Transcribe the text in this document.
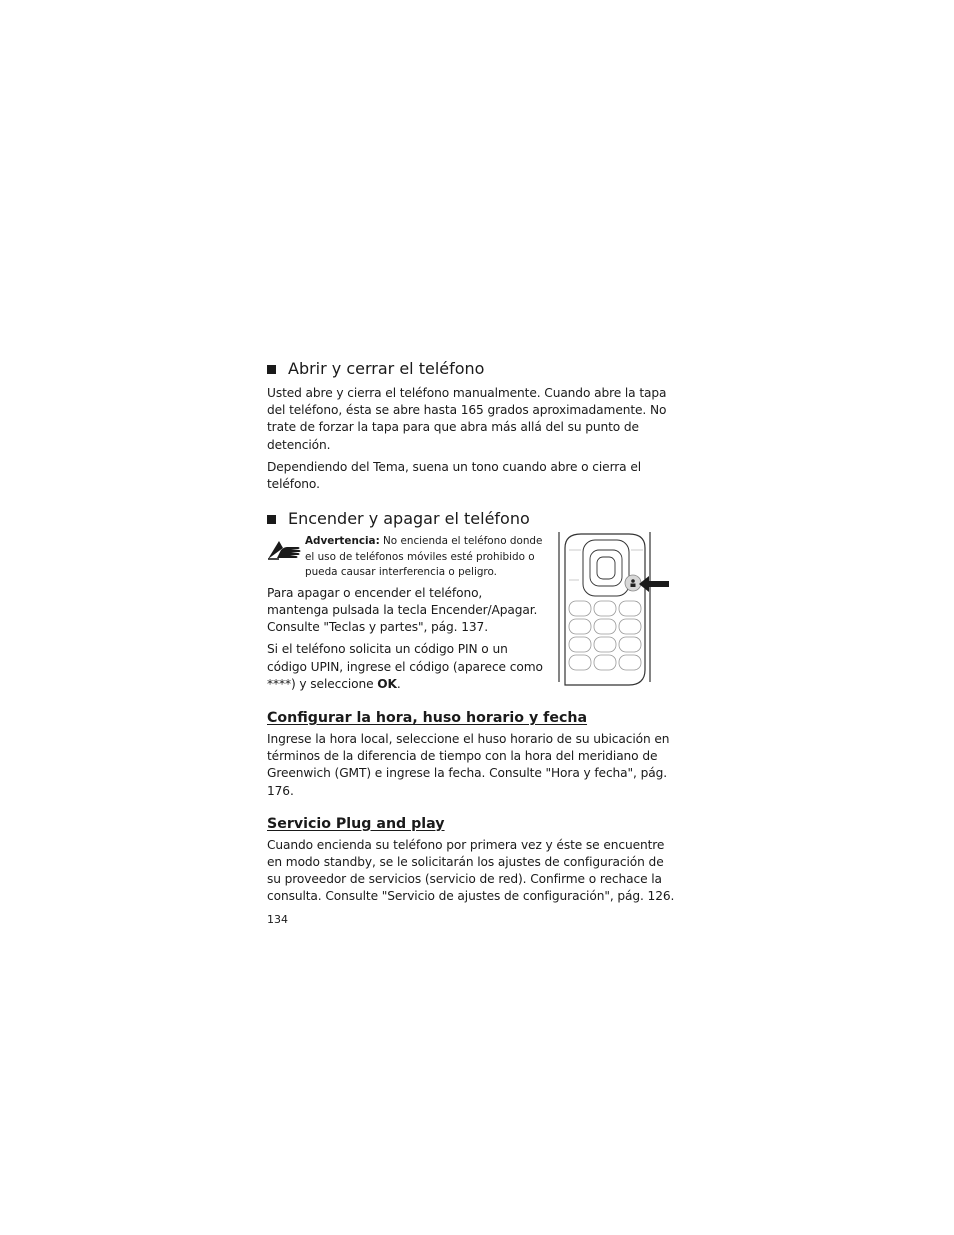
Abrir y cerrar el teléfono

Usted abre y cierra el teléfono manualmente. Cuando abre la tapa del teléfono, ésta se abre hasta 165 grados aproximadamente. No trate de forzar la tapa para que abra más allá del su punto de detención.

Dependiendo del Tema, suena un tono cuando abre o cierra el teléfono.

Encender y apagar el teléfono

Advertencia: No encienda el teléfono donde el uso de teléfonos móviles esté prohibido o pueda causar interferencia o peligro.

Para apagar o encender el teléfono, mantenga pulsada la tecla Encender/Apagar. Consulte "Teclas y partes", pág. 137.

Si el teléfono solicita un código PIN o un código UPIN, ingrese el código (aparece como ****) y seleccione OK.

Configurar la hora, huso horario y fecha

Ingrese la hora local, seleccione el huso horario de su ubicación en términos de la diferencia de tiempo con la hora del meridiano de Greenwich (GMT) e ingrese la fecha. Consulte "Hora y fecha", pág. 176.

Servicio Plug and play

Cuando encienda su teléfono por primera vez y éste se encuentre en modo standby, se le solicitarán los ajustes de configuración de su proveedor de servicios (servicio de red). Confirme o rechace la consulta. Consulte "Servicio de ajustes de configuración", pág. 126.

134
